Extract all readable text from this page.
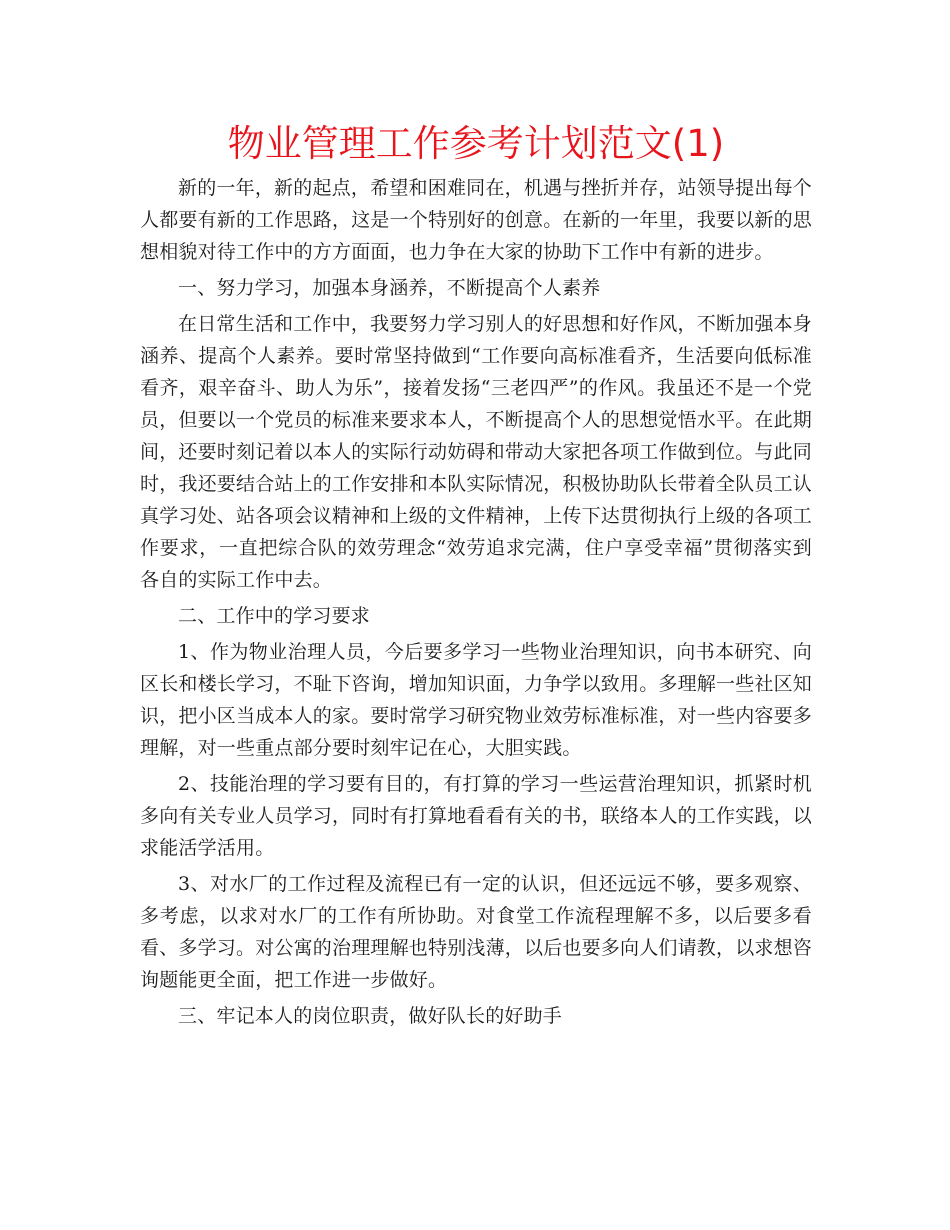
物业管理工作参考计划范文(1)

新的一年，新的起点，希望和困难同在，机遇与挫折并存，站领导提出每个人都要有新的工作思路，这是一个特别好的创意。在新的一年里，我要以新的思想相貌对待工作中的方方面面，也力争在大家的协助下工作中有新的进步。

一、努力学习，加强本身涵养，不断提高个人素养

在日常生活和工作中，我要努力学习别人的好思想和好作风，不断加强本身涵养、提高个人素养。要时常坚持做到“工作要向高标准看齐，生活要向低标准看齐，艰辛奋斗、助人为乐”，接着发扬“三老四严”的作风。我虽还不是一个党员，但要以一个党员的标准来要求本人，不断提高个人的思想觉悟水平。在此期间，还要时刻记着以本人的实际行动妨碍和带动大家把各项工作做到位。与此同时，我还要结合站上的工作安排和本队实际情况，积极协助队长带着全队员工认真学习处、站各项会议精神和上级的文件精神，上传下达贯彻执行上级的各项工作要求，一直把综合队的效劳理念“效劳追求完满，住户享受幸福”贯彻落实到各自的实际工作中去。

二、工作中的学习要求

1、作为物业治理人员，今后要多学习一些物业治理知识，向书本研究、向区长和楼长学习，不耻下咨询，增加知识面，力争学以致用。多理解一些社区知识，把小区当成本人的家。要时常学习研究物业效劳标准标准，对一些内容要多理解，对一些重点部分要时刻牢记在心，大胆实践。

2、技能治理的学习要有目的，有打算的学习一些运营治理知识，抓紧时机多向有关专业人员学习，同时有打算地看看有关的书，联络本人的工作实践，以求能活学活用。

3、对水厂的工作过程及流程已有一定的认识，但还远远不够，要多观察、多考虑，以求对水厂的工作有所协助。对食堂工作流程理解不多，以后要多看看、多学习。对公寓的治理理解也特别浅薄，以后也要多向人们请教，以求想咨询题能更全面，把工作进一步做好。

三、牢记本人的岗位职责，做好队长的好助手
